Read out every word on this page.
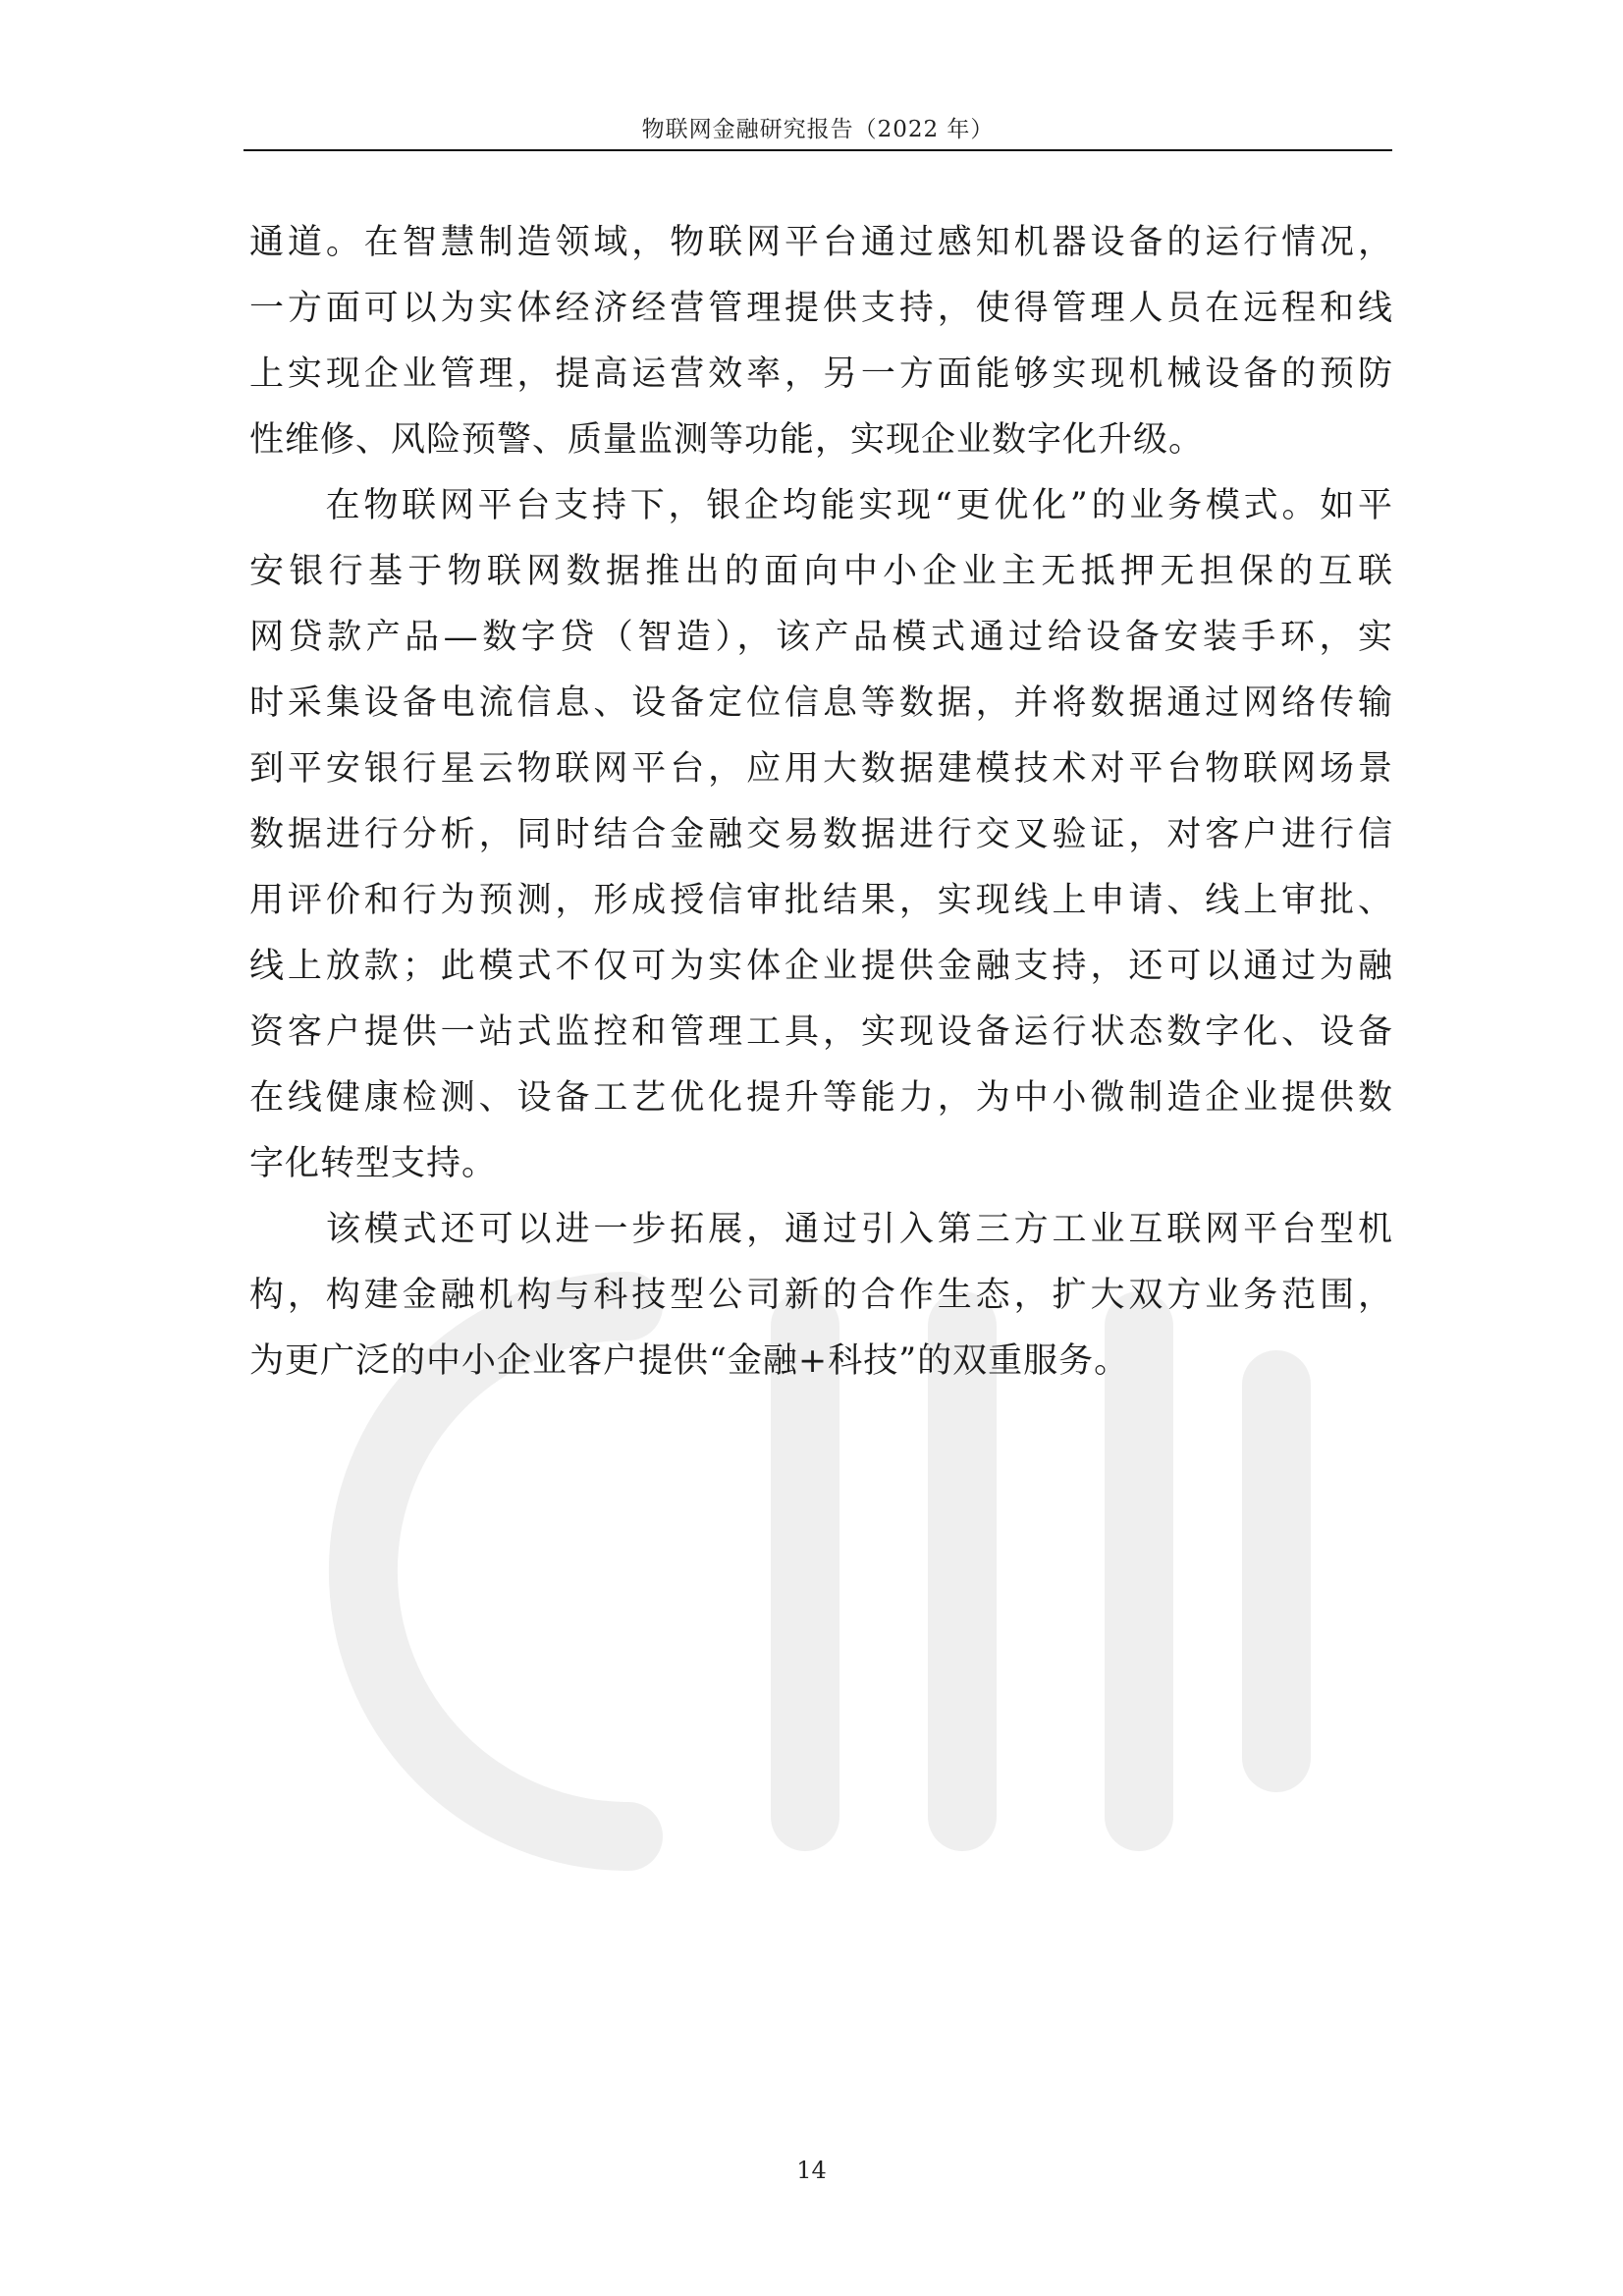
物联网金融研究报告（2022 年）

通道。在智慧制造领域，物联网平台通过感知机器设备的运行情况，
一方面可以为实体经济经营管理提供支持，使得管理人员在远程和线
上实现企业管理，提高运营效率，另一方面能够实现机械设备的预防
性维修、风险预警、质量监测等功能，实现企业数字化升级。

　　在物联网平台支持下，银企均能实现“更优化”的业务模式。如平
安银行基于物联网数据推出的面向中小企业主无抵押无担保的互联
网贷款产品—数字贷（智造），该产品模式通过给设备安装手环，实
时采集设备电流信息、设备定位信息等数据，并将数据通过网络传输
到平安银行星云物联网平台，应用大数据建模技术对平台物联网场景
数据进行分析，同时结合金融交易数据进行交叉验证，对客户进行信
用评价和行为预测，形成授信审批结果，实现线上申请、线上审批、
线上放款；此模式不仅可为实体企业提供金融支持，还可以通过为融
资客户提供一站式监控和管理工具，实现设备运行状态数字化、设备
在线健康检测、设备工艺优化提升等能力，为中小微制造企业提供数
字化转型支持。

　　该模式还可以进一步拓展，通过引入第三方工业互联网平台型机
构，构建金融机构与科技型公司新的合作生态，扩大双方业务范围，
为更广泛的中小企业客户提供“金融+科技”的双重服务。

14
